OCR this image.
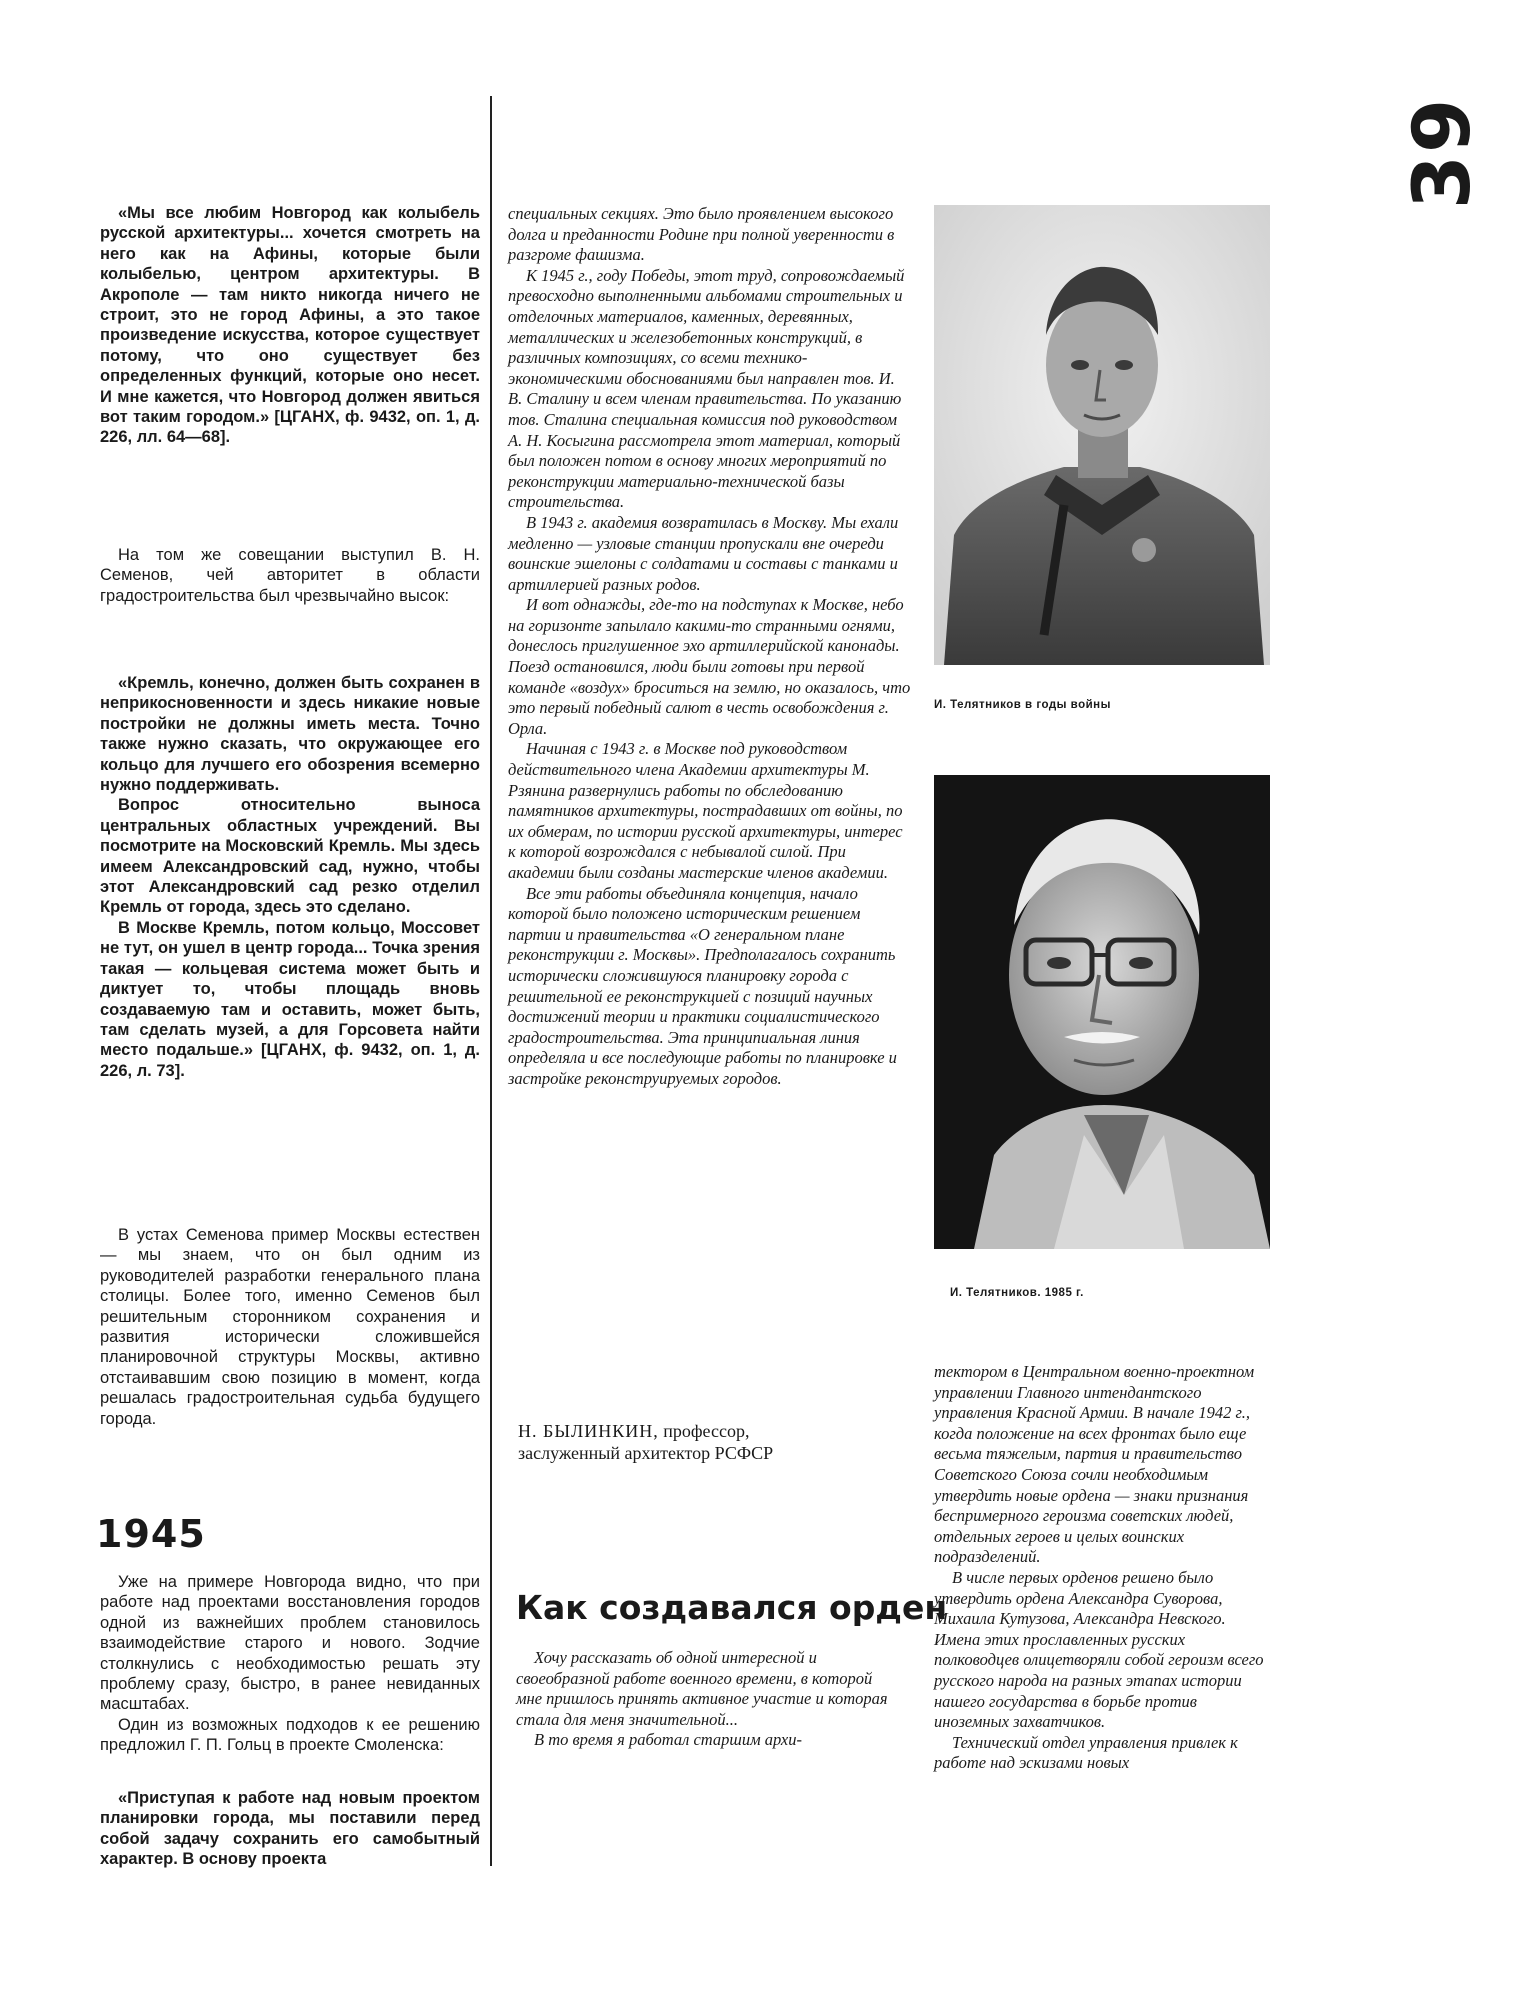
39

«Мы все любим Новгород как колыбель русской архитектуры... хочется смотреть на него как на Афины, которые были колыбелью, центром архитектуры. В Акрополе — там никто никогда ничего не строит, это не город Афины, а это такое произведение искусства, которое существует потому, что оно существует без определенных функций, которые оно несет. И мне кажется, что Новгород должен явиться вот таким городом.» [ЦГАНХ, ф. 9432, оп. 1, д. 226, лл. 64—68].

На том же совещании выступил В. Н. Семенов, чей авторитет в области градостроительства был чрезвычайно высок:

«Кремль, конечно, должен быть сохранен в неприкосновенности и здесь никакие новые постройки не должны иметь места. Точно также нужно сказать, что окружающее его кольцо для лучшего его обозрения всемерно нужно поддерживать.

Вопрос относительно выноса центральных областных учреждений. Вы посмотрите на Московский Кремль. Мы здесь имеем Александровский сад, нужно, чтобы этот Александровский сад резко отделил Кремль от города, здесь это сделано.

В Москве Кремль, потом кольцо, Моссовет не тут, он ушел в центр города... Точка зрения такая — кольцевая система может быть и диктует то, чтобы площадь вновь создаваемую там и оставить, может быть, там сделать музей, а для Горсовета найти место подальше.» [ЦГАНХ, ф. 9432, оп. 1, д. 226, л. 73].

В устах Семенова пример Москвы естествен — мы знаем, что он был одним из руководителей разработки генерального плана столицы. Более того, именно Семенов был решительным сторонником сохранения и развития исторически сложившейся планировочной структуры Москвы, активно отстаивавшим свою позицию в момент, когда решалась градостроительная судьба будущего города.

1945

Уже на примере Новгорода видно, что при работе над проектами восстановления городов одной из важнейших проблем становилось взаимодействие старого и нового. Зодчие столкнулись с необходимостью решать эту проблему сразу, быстро, в ранее невиданных масштабах.

Один из возможных подходов к ее решению предложил Г. П. Гольц в проекте Смоленска:

«Приступая к работе над новым проектом планировки города, мы поставили перед собой задачу сохранить его самобытный характер. В основу проекта

специальных секциях. Это было проявлением высокого долга и преданности Родине при полной уверенности в разгроме фашизма.

К 1945 г., году Победы, этот труд, сопровождаемый превосходно выполненными альбомами строительных и отделочных материалов, каменных, деревянных, металлических и железобетонных конструкций, в различных композициях, со всеми технико-экономическими обоснованиями был направлен тов. И. В. Сталину и всем членам правительства. По указанию тов. Сталина специальная комиссия под руководством А. Н. Косыгина рассмотрела этот материал, который был положен потом в основу многих мероприятий по реконструкции материально-технической базы строительства.

В 1943 г. академия возвратилась в Москву. Мы ехали медленно — узловые станции пропускали вне очереди воинские эшелоны с солдатами и составы с танками и артиллерией разных родов.

И вот однажды, где-то на подступах к Москве, небо на горизонте запылало какими-то странными огнями, донеслось приглушенное эхо артиллерийской канонады. Поезд остановился, люди были готовы при первой команде «воздух» броситься на землю, но оказалось, что это первый победный салют в честь освобождения г. Орла.

Начиная с 1943 г. в Москве под руководством действительного члена Академии архитектуры М. Рзянина развернулись работы по обследованию памятников архитектуры, пострадавших от войны, по их обмерам, по истории русской архитектуры, интерес к которой возрождался с небывалой силой. При академии были созданы мастерские членов академии.

Все эти работы объединяла концепция, начало которой было положено историческим решением партии и правительства «О генеральном плане реконструкции г. Москвы». Предполагалось сохранить исторически сложившуюся планировку города с решительной ее реконструкцией с позиций научных достижений теории и практики социалистического градостроительства. Эта принципиальная линия определяла и все последующие работы по планировке и застройке реконструируемых городов.

Н. БЫЛИНКИН, профессор,
заслуженный архитектор РСФСР
Как создавался орден

Хочу рассказать об одной интересной и своеобразной работе военного времени, в которой мне пришлось принять активное участие и которая стала для меня значительной...

В то время я работал старшим архи-

И. Телятников в годы войны
И. Телятников. 1985 г.

тектором в Центральном военно-проектном управлении Главного интендантского управления Красной Армии. В начале 1942 г., когда положение на всех фронтах было еще весьма тяжелым, партия и правительство Советского Союза сочли необходимым утвердить новые ордена — знаки признания беспримерного героизма советских людей, отдельных героев и целых воинских подразделений.

В числе первых орденов решено было утвердить ордена Александра Суворова, Михаила Кутузова, Александра Невского. Имена этих прославленных русских полководцев олицетворяли собой героизм всего русского народа на разных этапах истории нашего государства в борьбе против иноземных захватчиков.

Технический отдел управления привлек к работе над эскизами новых
